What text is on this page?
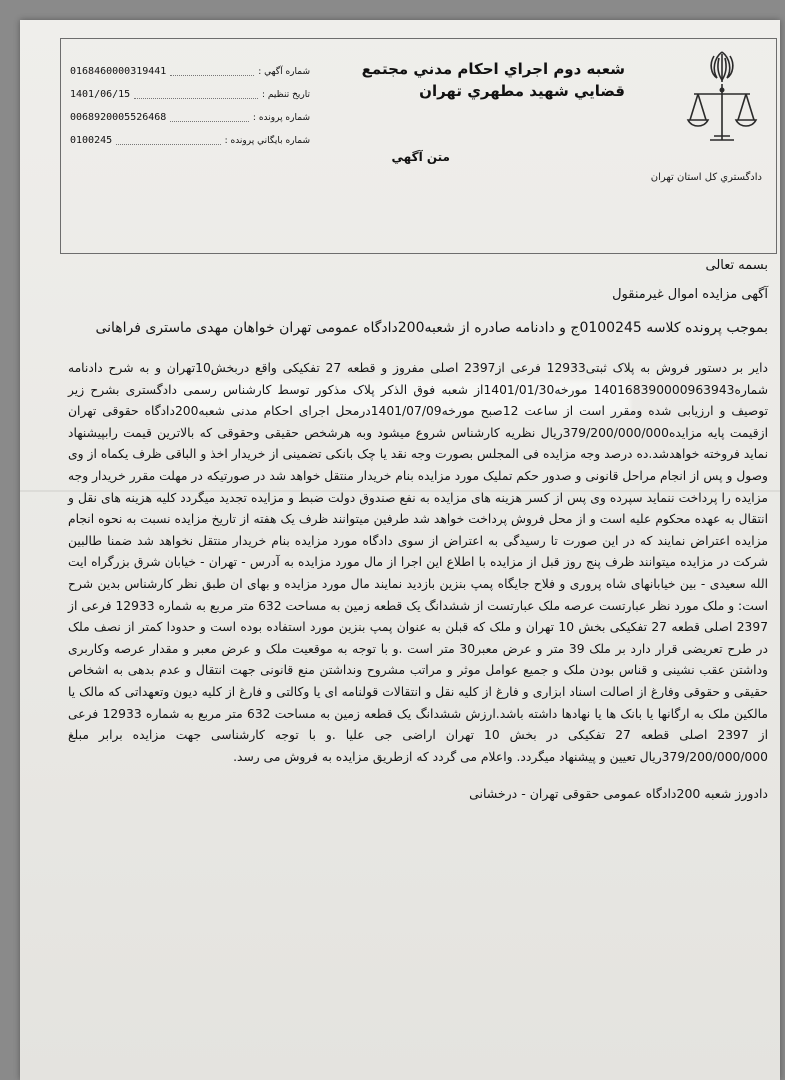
دادگستري كل استان تهران
شعبه دوم اجراي احكام مدني مجتمع قضايي شهيد مطهري تهران
متن آگهي
0168460000319441	شماره آگهي :
1401/06/15	تاريخ تنظيم :
0068920005526468	شماره پرونده :
0100245	شماره بايگاني پرونده :
بسمه تعالی
آگهی مزایده اموال غیرمنقول
بموجب پرونده کلاسه 0100245ج و دادنامه صادره از شعبه200دادگاه عمومی تهران خواهان مهدی ماستری فراهانی
دایر بر دستور فروش به پلاک ثبتی12933 فرعی از2397 اصلی مفروز و قطعه 27 تفکیکی واقع دربخش10تهران و به شرح دادنامه شماره140168390000963943 مورخه1401/01/30از شعبه فوق الذکر پلاک مذکور توسط کارشناس رسمی دادگستری بشرح زیر توصیف و ارزیابی شده ومقرر است از ساعت 12صبح مورخه1401/07/09درمحل اجرای احکام مدنی شعبه200دادگاه حقوقی تهران ازقیمت پایه مزایده379/200/000/000ریال نظریه کارشناس شروع میشود وبه هرشخص حقیقی وحقوقی که بالاترین قیمت رابپیشنهاد نماید فروخته خواهدشد.ده درصد وجه مزایده فی المجلس بصورت وجه نقد یا چک بانکی تضمینی از خریدار اخذ و الباقی ظرف یکماه از وی وصول و پس از انجام مراحل قانونی و صدور حکم تملیک مورد مزایده بنام خریدار منتقل خواهد شد در صورتیکه در مهلت مقرر خریدار وجه مزایده را پرداخت ننماید سپرده وی پس از کسر هزینه های مزایده به نفع صندوق دولت ضبط و مزایده تجدید میگردد کلیه هزینه های نقل و انتقال به عهده محکوم علیه است و از محل فروش پرداخت خواهد شد طرفین میتوانند ظرف یک هفته از تاریخ مزایده نسبت به نحوه انجام مزایده اعتراض نمایند که در این صورت تا رسیدگی به اعتراض از سوی دادگاه مورد مزایده بنام خریدار منتقل نخواهد شد ضمنا طالبین شرکت در مزایده میتوانند ظرف پنج روز قبل از مزایده با اطلاع این اجرا از مال مورد مزایده به آدرس - تهران - خیابان شرق بزرگراه ایت الله سعیدی - بین خیابانهای شاه پروری و فلاح جایگاه پمپ بنزین بازدید نمایند مال مورد مزایده و بهای ان طبق نظر کارشناس بدین شرح است: و ملک مورد نظر عبارتست عرصه ملک عبارتست از ششدانگ یک قطعه زمین به مساحت 632 متر مربع به شماره 12933 فرعی از 2397 اصلی قطعه 27 تفکیکی بخش 10 تهران و ملک که قبلن به عنوان پمپ بنزین مورد استفاده بوده است و حدودا کمتر از نصف ملک در طرح تعریضی قرار دارد بر ملک 39 متر و عرض معبر30 متر است .و با توجه به موقعیت ملک و عرض معبر و مقدار عرصه وکاربری وداشتن عقب نشینی و قناس بودن ملک و جمیع عوامل موثر و مراتب مشروح ونداشتن منع قانونی جهت انتقال و عدم بدهی به اشخاص حقیقی و حقوقی وفارغ از اصالت اسناد ابزاری و فارغ از کلیه نقل و انتقالات قولنامه ای یا وکالتی و فارغ از کلیه دیون وتعهداتی که مالک یا مالکین ملک به ارگانها یا بانک ها یا نهادها داشته باشد.ارزش ششدانگ یک قطعه زمین به مساحت 632 متر مربع به شماره 12933 فرعی از 2397 اصلی قطعه 27 تفکیکی در بخش 10 تهران اراضی جی علیا .و با توجه کارشناسی جهت مزایده برابر مبلغ 379/200/000/000ریال تعیین و پیشنهاد میگردد. واعلام می گردد که ازطریق مزایده به فروش می رسد.
دادورز شعبه 200دادگاه عمومی حقوقی تهران - درخشانی
